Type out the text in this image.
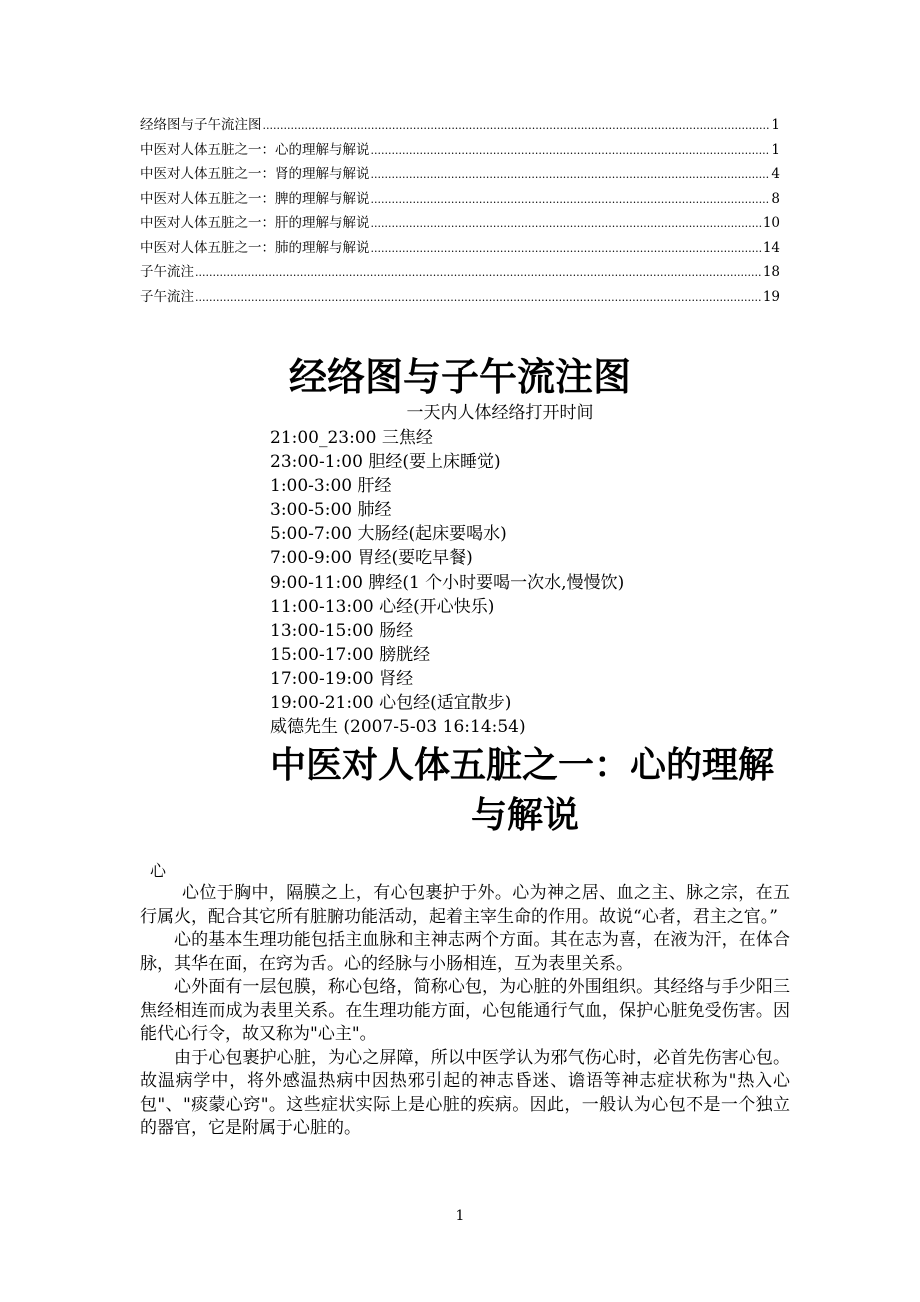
经络图与子午流注图 .....	1
中医对人体五脏之一：心的理解与解说 .....	1
中医对人体五脏之一：肾的理解与解说 .....	4
中医对人体五脏之一：脾的理解与解说 .....	8
中医对人体五脏之一：肝的理解与解说 .....	10
中医对人体五脏之一：肺的理解与解说 .....	14
子午流注 .....	18
子午流注 .....	19
经络图与子午流注图
一天内人体经络打开时间
21:00_23:00 三焦经
23:00-1:00 胆经(要上床睡觉)
1:00-3:00 肝经
3:00-5:00 肺经
5:00-7:00 大肠经(起床要喝水)
7:00-9:00 胃经(要吃早餐)
9:00-11:00 脾经(1 个小时要喝一次水,慢慢饮)
11:00-13:00 心经(开心快乐)
13:00-15:00 肠经
15:00-17:00 膀胱经
17:00-19:00 肾经
19:00-21:00 心包经(适宜散步)
威德先生 (2007-5-03 16:14:54)
中医对人体五脏之一：心的理解
与解说
心

心位于胸中，隔膜之上，有心包裹护于外。心为神之居、血之主、脉之宗，在五行属火，配合其它所有脏腑功能活动，起着主宰生命的作用。故说“心者，君主之官。”

心的基本生理功能包括主血脉和主神志两个方面。其在志为喜，在液为汗，在体合脉，其华在面，在窍为舌。心的经脉与小肠相连，互为表里关系。

心外面有一层包膜，称心包络，简称心包，为心脏的外围组织。其经络与手少阳三焦经相连而成为表里关系。在生理功能方面，心包能通行气血，保护心脏免受伤害。因能代心行令，故又称为"心主"。

由于心包裹护心脏，为心之屏障，所以中医学认为邪气伤心时，必首先伤害心包。故温病学中，将外感温热病中因热邪引起的神志昏迷、谵语等神志症状称为"热入心包"、"痰蒙心窍"。这些症状实际上是心脏的疾病。因此，一般认为心包不是一个独立的器官，它是附属于心脏的。

1
